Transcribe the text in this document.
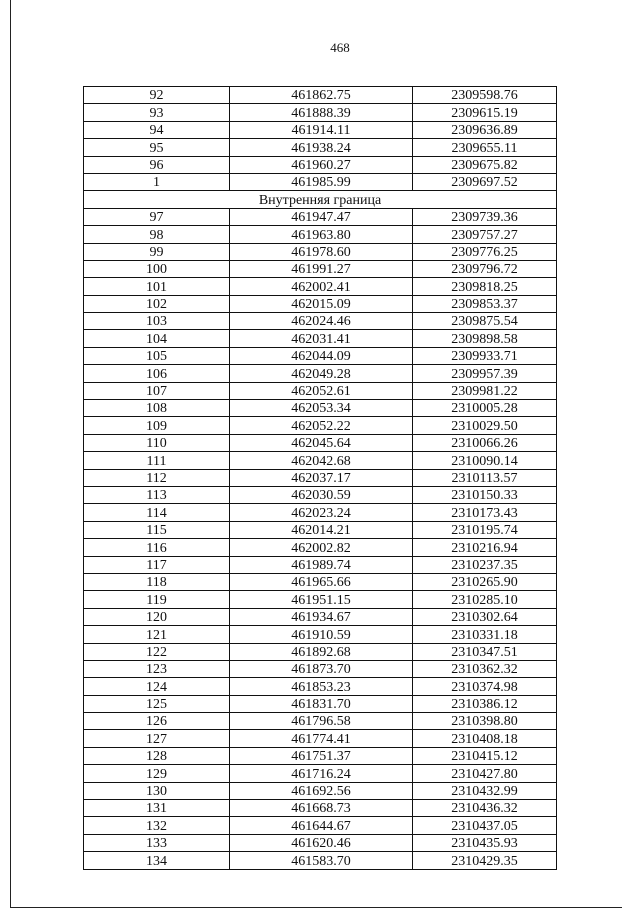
468
92	461862.75	2309598.76
93	461888.39	2309615.19
94	461914.11	2309636.89
95	461938.24	2309655.11
96	461960.27	2309675.82
1	461985.99	2309697.52
Внутренняя граница		
97	461947.47	2309739.36
98	461963.80	2309757.27
99	461978.60	2309776.25
100	461991.27	2309796.72
101	462002.41	2309818.25
102	462015.09	2309853.37
103	462024.46	2309875.54
104	462031.41	2309898.58
105	462044.09	2309933.71
106	462049.28	2309957.39
107	462052.61	2309981.22
108	462053.34	2310005.28
109	462052.22	2310029.50
110	462045.64	2310066.26
111	462042.68	2310090.14
112	462037.17	2310113.57
113	462030.59	2310150.33
114	462023.24	2310173.43
115	462014.21	2310195.74
116	462002.82	2310216.94
117	461989.74	2310237.35
118	461965.66	2310265.90
119	461951.15	2310285.10
120	461934.67	2310302.64
121	461910.59	2310331.18
122	461892.68	2310347.51
123	461873.70	2310362.32
124	461853.23	2310374.98
125	461831.70	2310386.12
126	461796.58	2310398.80
127	461774.41	2310408.18
128	461751.37	2310415.12
129	461716.24	2310427.80
130	461692.56	2310432.99
131	461668.73	2310436.32
132	461644.67	2310437.05
133	461620.46	2310435.93
134	461583.70	2310429.35
